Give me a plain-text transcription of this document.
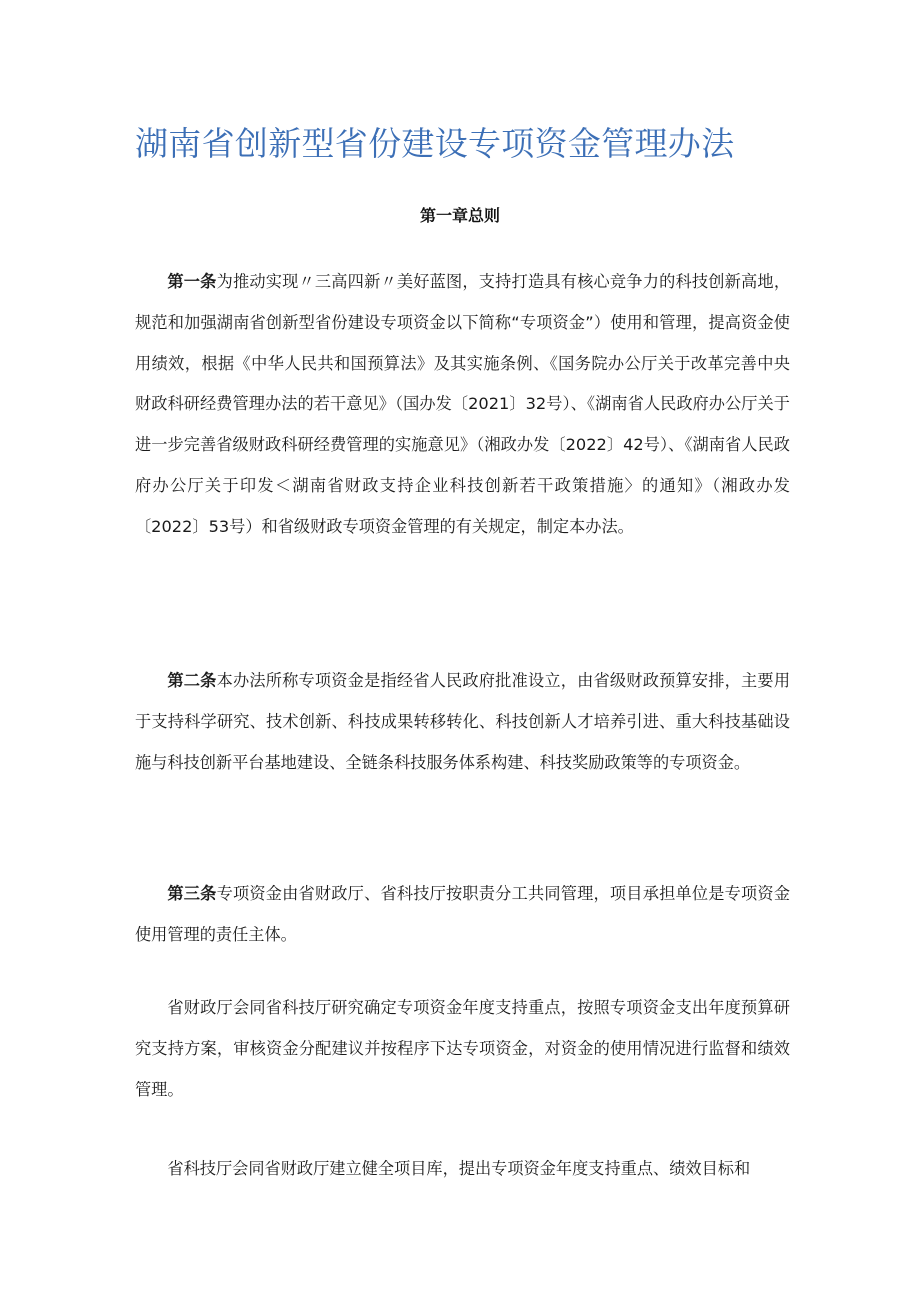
湖南省创新型省份建设专项资金管理办法
第一章总则

第一条为推动实现〃三高四新〃美好蓝图，支持打造具有核心竞争力的科技创新高地，规范和加强湖南省创新型省份建设专项资金以下简称“专项资金”）使用和管理，提高资金使用绩效，根据《中华人民共和国预算法》及其实施条例、《国务院办公厅关于改革完善中央财政科研经费管理办法的若干意见》（国办发〔2021〕32号）、《湖南省人民政府办公厅关于进一步完善省级财政科研经费管理的实施意见》（湘政办发〔2022〕42号）、《湖南省人民政府办公厅关于印发＜湖南省财政支持企业科技创新若干政策措施〉的通知》（湘政办发〔2022〕53号）和省级财政专项资金管理的有关规定，制定本办法。

第二条本办法所称专项资金是指经省人民政府批准设立，由省级财政预算安排，主要用于支持科学研究、技术创新、科技成果转移转化、科技创新人才培养引进、重大科技基础设施与科技创新平台基地建设、全链条科技服务体系构建、科技奖励政策等的专项资金。

第三条专项资金由省财政厅、省科技厅按职责分工共同管理，项目承担单位是专项资金使用管理的责任主体。

省财政厅会同省科技厅研究确定专项资金年度支持重点，按照专项资金支出年度预算研究支持方案，审核资金分配建议并按程序下达专项资金，对资金的使用情况进行监督和绩效管理。

省科技厅会同省财政厅建立健全项目库，提出专项资金年度支持重点、绩效目标和
